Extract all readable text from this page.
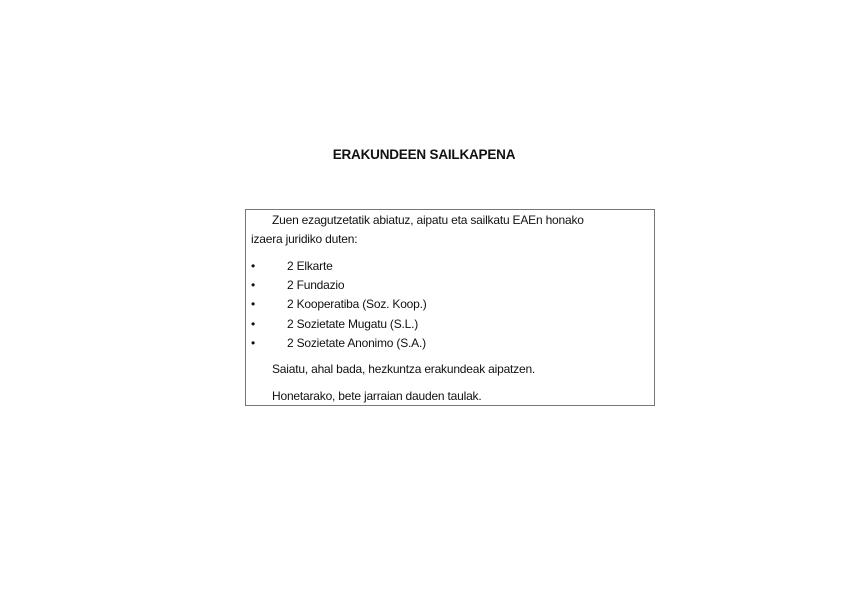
ERAKUNDEEN SAILKAPENA
Zuen ezagutzetatik abiatuz, aipatu eta sailkatu EAEn honako
izaera juridiko duten:
•	2 Elkarte
•	2 Fundazio
•	2 Kooperatiba (Soz. Koop.)
•	2 Sozietate Mugatu (S.L.)
•	2 Sozietate Anonimo (S.A.)
Saiatu, ahal bada, hezkuntza erakundeak aipatzen.
Honetarako, bete jarraian dauden taulak.
